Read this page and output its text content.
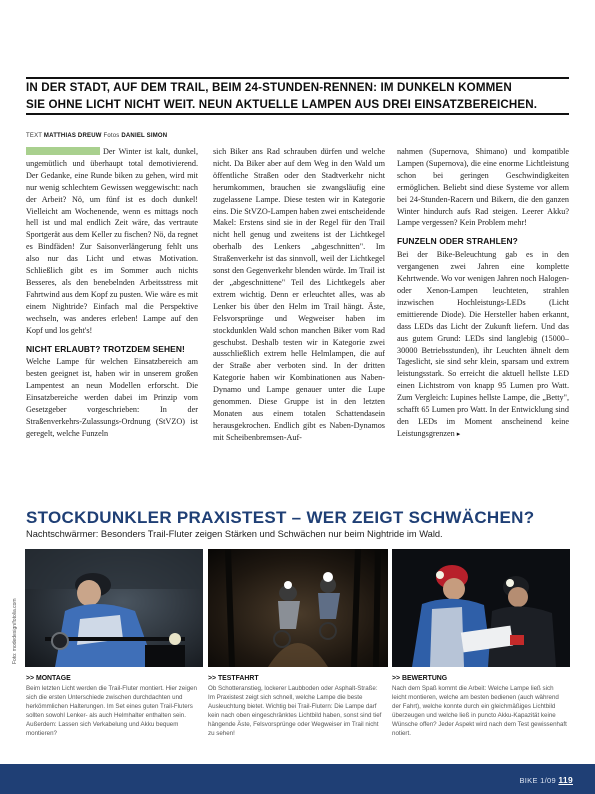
IN DER STADT, AUF DEM TRAIL, BEIM 24-STUNDEN-RENNEN: IM DUNKELN KOMMEN
SIE OHNE LICHT NICHT WEIT. NEUN AKTUELLE LAMPEN AUS DREI EINSATZBEREICHEN.
TEXT MATTHIAS DREUW Fotos DANIEL SIMON

Der Winter ist kalt, dunkel, ungemütlich und überhaupt total demotivierend. Der Gedanke, eine Runde biken zu gehen, wird mit nur wenig schlechtem Gewissen weggewischt: nach der Arbeit? Nö, um fünf ist es doch dunkel! Vielleicht am Wochenende, wenn es mittags noch hell ist und mal endlich Zeit wäre, das vertraute Sportgerät aus dem Keller zu fischen? Nö, da regnet es Bindfäden! Zur Saisonverlängerung fehlt uns also nur das Licht und etwas Motivation. Schließlich gibt es im Sommer auch nichts Besseres, als den benebelnden Arbeitsstress mit Fahrtwind aus dem Kopf zu pusten. Wie wäre es mit einem Nightride? Einfach mal die Perspektive wechseln, was anderes erleben! Lampe auf den Kopf und los geht's!

NICHT ERLAUBT? TROTZDEM SEHEN!

Welche Lampe für welchen Einsatzbereich am besten geeignet ist, haben wir in unserem großen Lampentest an neun Modellen erforscht. Die Einsatzbereiche werden dabei im Prinzip vom Gesetzgeber vorgeschrieben: In der Straßenverkehrs-Zulassungs-Ordnung (StVZO) ist geregelt, welche Funzeln

sich Biker ans Rad schrauben dürfen und welche nicht. Da Biker aber auf dem Weg in den Wald um öffentliche Straßen oder den Stadtverkehr nicht herumkommen, brauchen sie zwangsläufig eine zugelassene Lampe. Diese testen wir in Kategorie eins. Die StVZO-Lampen haben zwei entscheidende Makel: Erstens sind sie in der Regel für den Trail nicht hell genug und zweitens ist der Lichtkegel oberhalb des Lenkers „abgeschnitten". Im Straßenverkehr ist das sinnvoll, weil der Lichtkegel sonst den Gegenverkehr blenden würde. Im Trail ist der „abgeschnittene" Teil des Lichtkegels aber extrem wichtig. Denn er erleuchtet alles, was ab Lenker bis über den Helm im Trail hängt. Äste, Felsvorsprünge und Wegweiser haben im stockdunklen Wald schon manchen Biker vom Rad geschubst. Deshalb testen wir in Kategorie zwei ausschließlich extrem helle Helmlampen, die auf der Straße aber verboten sind. In der dritten Kategorie haben wir Kombinationen aus Naben-Dynamo und Lampe genauer unter die Lupe genommen. Diese Gruppe ist in den letzten Monaten aus einem totalen Schattendasein herausgekrochen. Endlich gibt es Naben-Dynamos mit Scheibenbremsen-Auf-

nahmen (Supernova, Shimano) und kompatible Lampen (Supernova), die eine enorme Lichtleistung schon bei geringen Geschwindigkeiten ermöglichen. Beliebt sind diese Systeme vor allem bei 24-Stunden-Racern und Bikern, die den ganzen Winter hindurch aufs Rad steigen. Leerer Akku? Lampe vergessen? Kein Problem mehr!

FUNZELN ODER STRAHLEN?

Bei der Bike-Beleuchtung gab es in den vergangenen zwei Jahren eine komplette Kehrtwende. Wo vor wenigen Jahren noch Halogen- oder Xenon-Lampen leuchteten, strahlen inzwischen Hochleistungs-LEDs (Licht emittierende Diode). Die Hersteller haben erkannt, dass LEDs das Licht der Zukunft liefern. Und das aus gutem Grund: LEDs sind langlebig (15000–30000 Betriebsstunden), ihr Leuchten ähnelt dem Tageslicht, sie sind sehr klein, sparsam und extrem leistungsstark. So erreicht die aktuell hellste LED einen Lichtstrom von knapp 95 Lumen pro Watt. Zum Vergleich: Lupines hellste Lampe, die „Betty", schafft 65 Lumen pro Watt. In der Entwicklung sind den LEDs im Moment anscheinend keine Leistungsgrenzen ▸

STOCKDUNKLER PRAXISTEST – WER ZEIGT SCHWÄCHEN?
Nachtschwärmer: Besonders Trail-Fluter zeigen Stärken und Schwächen nur beim Nightride im Wald.
>> MONTAGE

Beim letzten Licht werden die Trail-Fluter montiert. Hier zeigen sich die ersten Unterschiede zwischen durchdachten und herkömmlichen Halterungen. Im Set eines guten Trail-Fluters sollten sowohl Lenker- als auch Helmhalter enthalten sein. Außerdem: Lassen sich Verkabelung und Akku bequem montieren?

>> TESTFAHRT

Ob Schotteranstieg, lockerer Laubboden oder Asphalt-Straße: Im Praxistest zeigt sich schnell, welche Lampe die beste Ausleuchtung bietet. Wichtig bei Trail-Flutern: Die Lampe darf kein nach oben eingeschränktes Lichtbild haben, sonst sind tief hängende Äste, Felsvorsprünge oder Wegweiser im Trail nicht zu sehen!

>> BEWERTUNG

Nach dem Spaß kommt die Arbeit: Welche Lampe ließ sich leicht montieren, welche am besten bedienen (auch während der Fahrt), welche konnte durch ein gleichmäßiges Lichtbild überzeugen und welche ließ in puncto Akku-Kapazität keine Wünsche offen? Jeder Aspekt wird nach dem Test gewissenhaft notiert.

Foto: modedesign/fotolia.com
BIKE 1/09 119
